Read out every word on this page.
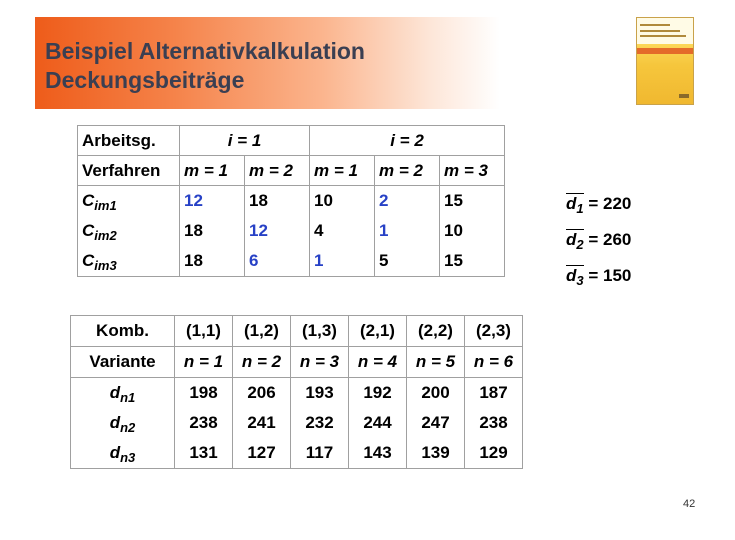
Beispiel Alternativkalkulation
Deckungsbeiträge
Arbeitsg.	i = 1		i = 2		
Verfahren	m = 1	m = 2	m = 1	m = 2	m = 3
$C_{im1}$	12	18	10	2	15
$C_{im2}$	18	12	4	1	10
$C_{im3}$	18	6	1	5	15
$d_1 = 220$
$d_2 = 260$
$d_3 = 150$
Komb.	(1,1)	(1,2)	(1,3)	(2,1)	(2,2)	(2,3)
Variante	n = 1	n = 2	n = 3	n = 4	n = 5	n = 6
$d_{n1}$	198	206	193	192	200	187
$d_{n2}$	238	241	232	244	247	238
$d_{n3}$	131	127	117	143	139	129
42
